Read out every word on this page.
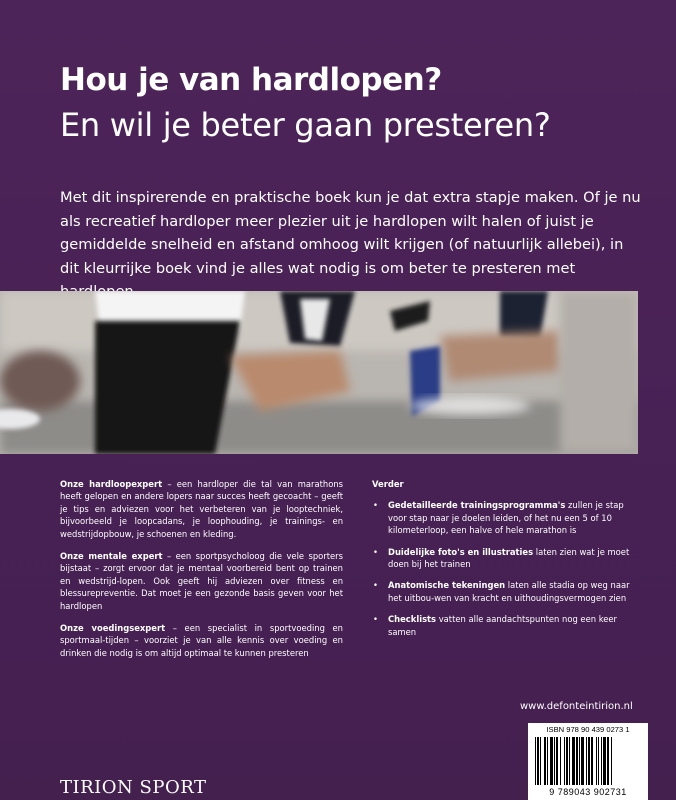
Hou je van hardlopen?
En wil je beter gaan presteren?

Met dit inspirerende en praktische boek kun je dat extra stapje maken. Of je nu als recreatief hardloper meer plezier uit je hardlopen wilt halen of juist je gemiddelde snelheid en afstand omhoog wilt krijgen (of natuurlijk allebei), in dit kleurrijke boek vind je alles wat nodig is om beter te presteren met

Onze hardloopexpert – een hardloper die tal van marathons heeft gelopen en andere lopers naar succes heeft gecoacht – geeft je tips en adviezen voor het verbeteren van je looptechniek, bijvoorbeeld je loopcadans, je loophouding, je trainings- en wedstrijdopbouw, je schoenen en kleding.

Onze mentale expert – een sportpsycholoog die vele sporters bijstaat – zorgt ervoor dat je mentaal voorbereid bent op trainen en wedstrijd-lopen. Ook geeft hij adviezen over fitness en blessurepreventie. Dat moet je een gezonde basis geven voor het hardlopen

Onze voedingsexpert – een specialist in sportvoeding en sportmaal-tijden – voorziet je van alle kennis over voeding en drinken die nodig is om altijd optimaal te kunnen presteren

Verder

• Gedetailleerde trainingsprogramma's zullen je stap voor stap naar je doelen leiden, of het nu een 5 of 10 kilometerloop, een halve of hele marathon is
• Duidelijke foto's en illustraties laten zien wat je moet doen bij het trainen
• Anatomische tekeningen laten alle stadia op weg naar het uitbou-wen van kracht en uithoudingsvermogen zien
• Checklists vatten alle aandachtspunten nog een keer samen
www.defonteintirion.nl
ISBN 978 90 439 0273 1
9 789043 902731
TIRION SPORT
